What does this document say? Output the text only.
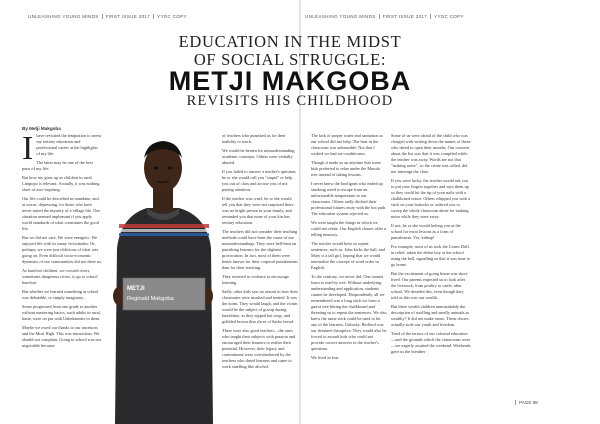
UNLEASHING YOUNG MINDS FIRST ISSUE 2017 YYDC COPY	UNLEASHING YOUNG MINDS FIRST ISSUE 2017 YYDC COPY
EDUCATION IN THE MIDST
OF SOCIAL STRUGGLE:
METJI MAKGOBA
REVISITS HIS CHILDHOOD
By Metji Makgoba

Ihave revisited the temptation to arrest my tertiary education and professional career at the highlights of my life.

The latter may be one of the best parts of my life.

But how my grew up as children in rural Limpopo is relevant. Actually, it was nothing short of awe inspiring.

Our life could be described as mundane, and, at worse, depressing, for those who have never tasted the mystery of a village life. Our situation seemed unpleasant if you apply world standards of what constitutes the good life.

But we did not care. We were energetic. We enjoyed life with its many vicissitudes. Or, perhaps, we were just oblivious of what was going on. Even difficult socio-economic dynamics of our communities did not deter us.

As barefoot children, we crossed rivers, sometimes dangerous rivers, to go to school barefoot.

But whether we learned something at school was debatable, or simply imaginary.

Some progressed from one grade to another without mastering basics, such adults in rural, haste, were on par with Unbekannter in them.

Maybe we owed our thanks to our ancestors and the Most High. This was miraculous. We should not complain. Going to school was not negotiable because

METJI
Reginald Makgoba

of teachers who punished us for their inability to teach.

We would be beaten for misunderstanding academic concepts. Others were verbally abused.

If you failed to answer a teacher's question, he or she would call you "stupid" or help you out of class and accuse you of not paying attention.

If the teacher was cruel, he or she would tell you that they were not surprised there was no bright person in your family, and reminded you that none of your kin has tertiary education.

The teachers did not consider their teaching methods could have been the cause of our misunderstandings. They were hell-bent on punishing learners for the slightest provocation. In fact, most of them were better known for their corporal punishments than for their teaching.

They resorted to violence to encourage learning.

Sadly, other kids saw no reason in how their classmates were insulted and treated. It was the norm. They would laugh, and the victim would be the subject of gossip during lunchtime, as they zipped hot soup, and gobbled brown thin slices of Sasko bread.

There were also good teachers—the ones who taught their subjects with passion and encouraged their learners to realise their potential. However, their legacy and commitment were overshadowed by the teachers who dared learners and came to work smelling like alcohol.

The lack of proper water and sanitation at our school did not help. The heat in the classroom was unbearable. Not that I wished we had air-conditioners.

Though it made us an anytime that some kids preferred to relax under the Marula tree instead of taking lessons.

I never knew the hooligans who ended up smoking weed to escape from an unfavourable temperature in our classrooms. Others sadly ditched their professional futures away with the hot path. The education system rejected us.

We were taught the things in which we could not relate. Our English classes offer a telling memory.

The teacher would have us repeat sentences, such as: John kicks the ball, and Mary is a tall girl, hoping that we would internalise the concept of word order in English.

To the contrary, we never did. One cannot learn to read by rote. Without underlying understanding and application, students cannot be developed. Despondently, all we remembered was a long stick we from a guava tree hitting the chalkboard and threating us to repeat the sentences. We also knew the same stick could be used to hit any of the learners. Unlucky. Bedford was our detained disruptive. They would also be forced to assault kids who could not provide correct answers to the teacher's questions.

We lived in fear.

Some of us were afraid of the child who was charged with writing down the names of those who dared to open their mouths. Our concern about the list was that it was compiled while the teacher was away. Words are not that "making noise", so the crime was called, did not interrupt the class.

If you were lucky, the teacher would ask you to put your fingers together and says them up so they could hit the tip of your nails with a chalkboard eraser. Others whipped you with a stick on your buttocks or ordered you to sweep the whole classroom alone for making noise while they were away.

If not, he or she would belong you at the school for extra lessons as a form of punishment. Yes, kidnap!

For example, most of us took the Cones Drill, in relief, taken the eldest boy at the school using the bell, signalling us that it was time to go home.

But the excitement of going home was short-lived. Our parents expected us to look after the livestock, from poultry to cattle, after school. We dreaded this, even though they told us this was our wealth.

But these wealth children unmistakably the description of strolling and smelly animals as wealthy? It did not make sense. These chores actually stole our youth and freedom.

Tired of the terrors of our colonial education—and the grounds which the classrooms were—we eagerly awaited the weekend. Weekends gave us the breather

PAGE 98
